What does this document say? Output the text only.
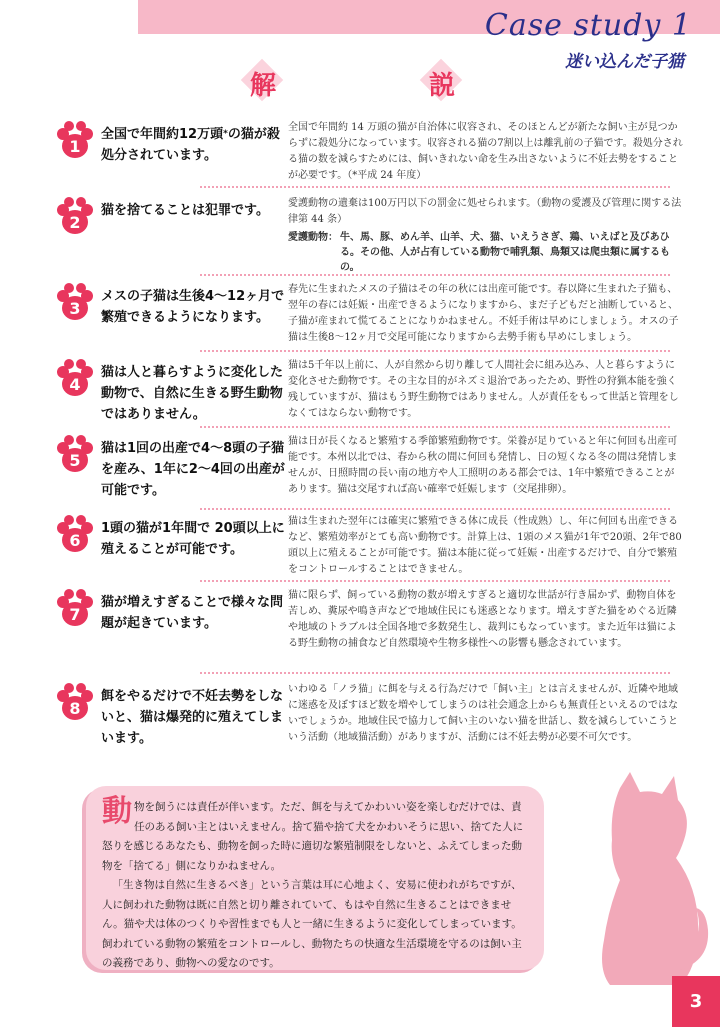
Case study 1
迷い込んだ子猫
解	説
1
全国で年間約12万頭*の猫が殺処分されています。
全国で年間約 14 万頭の猫が自治体に収容され、そのほとんどが新たな飼い主が見つからずに殺処分になっています。収容される猫の7割以上は離乳前の子猫です。殺処分される猫の数を減らすためには、飼いきれない命を生み出さないように不妊去勢をすることが必要です。（*平成 24 年度）
2
猫を捨てることは犯罪です。	愛護動物の遺棄は100万円以下の罰金に処せられます。（動物の愛護及び管理に関する法律第 44 条）
愛護動物： 牛、馬、豚、めん羊、山羊、犬、猫、いえうさぎ、鶏、いえばと及びあひる。その他、人が占有している動物で哺乳類、鳥類又は爬虫類に属するもの。
3
メスの子猫は生後4～12ヶ月で繁殖できるようになります。
春先に生まれたメスの子猫はその年の秋には出産可能です。春以降に生まれた子猫も、翌年の春には妊娠・出産できるようになりますから、まだ子どもだと油断していると、子猫が産まれて慌てることになりかねません。不妊手術は早めにしましょう。オスの子猫は生後8～12ヶ月で交尾可能になりますから去勢手術も早めにしましょう。
4
猫は人と暮らすように変化した動物で、自然に生きる野生動物ではありません。
猫は5千年以上前に、人が自然から切り離して人間社会に組み込み、人と暮らすように変化させた動物です。その主な目的がネズミ退治であったため、野性の狩猟本能を強く残していますが、猫はもう野生動物ではありません。人が責任をもって世話と管理をしなくてはならない動物です。
5
猫は1回の出産で4～8頭の子猫を産み、1年に2～4回の出産が可能です。
猫は日が長くなると繁殖する季節繁殖動物です。栄養が足りていると年に何回も出産可能です。本州以北では、春から秋の間に何回も発情し、日の短くなる冬の間は発情しませんが、日照時間の長い南の地方や人工照明のある都会では、1年中繁殖できることがあります。猫は交尾すれば高い確率で妊娠します（交尾排卵）。
6
1頭の猫が1年間で 20頭以上に殖えることが可能です。
猫は生まれた翌年には確実に繁殖できる体に成長（性成熟）し、年に何回も出産できるなど、繁殖効率がとても高い動物です。計算上は、1頭のメス猫が1年で20頭、2年で80頭以上に殖えることが可能です。猫は本能に従って妊娠・出産するだけで、自分で繁殖をコントロールすることはできません。
7
猫が増えすぎることで様々な問題が起きています。
猫に限らず、飼っている動物の数が増えすぎると適切な世話が行き届かず、動物自体を苦しめ、糞尿や鳴き声などで地域住民にも迷惑となります。増えすぎた猫をめぐる近隣や地域のトラブルは全国各地で多数発生し、裁判にもなっています。また近年は猫による野生動物の捕食など自然環境や生物多様性への影響も懸念されています。
8
餌をやるだけで不妊去勢をしないと、猫は爆発的に殖えてしまいます。
いわゆる「ノラ猫」に餌を与える行為だけで「飼い主」とは言えませんが、近隣や地域に迷惑を及ぼすほど数を増やしてしまうのは社会通念上からも無責任といえるのではないでしょうか。地域住民で協力して飼い主のいない猫を世話し、数を減らしていこうという活動（地域猫活動）がありますが、活動には不妊去勢が必要不可欠です。
動 物を飼うには責任が伴います。ただ、餌を与えてかわいい姿を楽しむだけでは、責任のある飼い主とはいえません。捨て猫や捨て犬をかわいそうに思い、捨てた人に怒りを感じるあなたも、動物を飼った時に適切な繁殖制限をしないと、ふえてしまった動物を「捨てる」側になりかねません。
「生き物は自然に生きるべき」という言葉は耳に心地よく、安易に使われがちですが、人に飼われた動物は既に自然と切り離されていて、もはや自然に生きることはできません。猫や犬は体のつくりや習性までも人と一緒に生きるように変化してしまっています。飼われている動物の繁殖をコントロールし、動物たちの快適な生活環境を守るのは飼い主の義務であり、動物への愛なのです。
3
